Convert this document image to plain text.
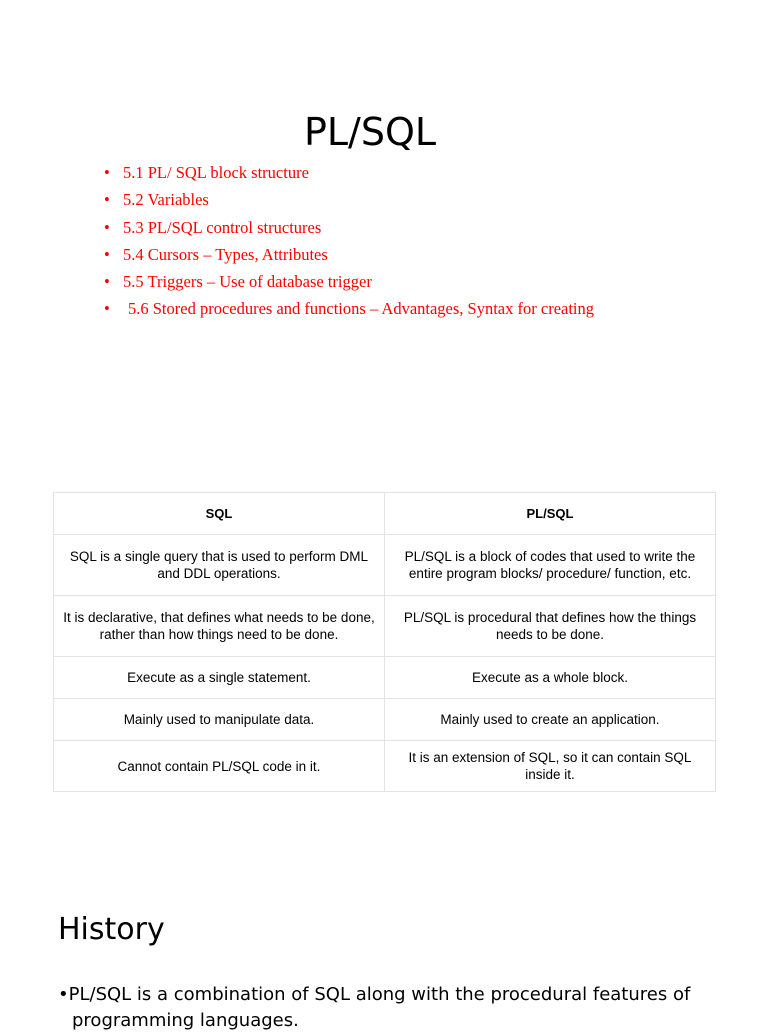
PL/SQL
• 5.1 PL/ SQL block structure
• 5.2 Variables
• 5.3 PL/SQL control structures
• 5.4 Cursors – Types, Attributes
• 5.5 Triggers – Use of database trigger
• 5.6 Stored procedures and functions – Advantages, Syntax for creating
SQL	PL/SQL
SQL is a single query that is used to perform DML and DDL operations.	PL/SQL is a block of codes that used to write the entire program blocks/ procedure/ function, etc.
It is declarative, that defines what needs to be done, rather than how things need to be done.	PL/SQL is procedural that defines how the things needs to be done.
Execute as a single statement.	Execute as a whole block.
Mainly used to manipulate data.	Mainly used to create an application.
Cannot contain PL/SQL code in it.	It is an extension of SQL, so it can contain SQL inside it.
History
•PL/SQL is a combination of SQL along with the procedural features of programming languages.
